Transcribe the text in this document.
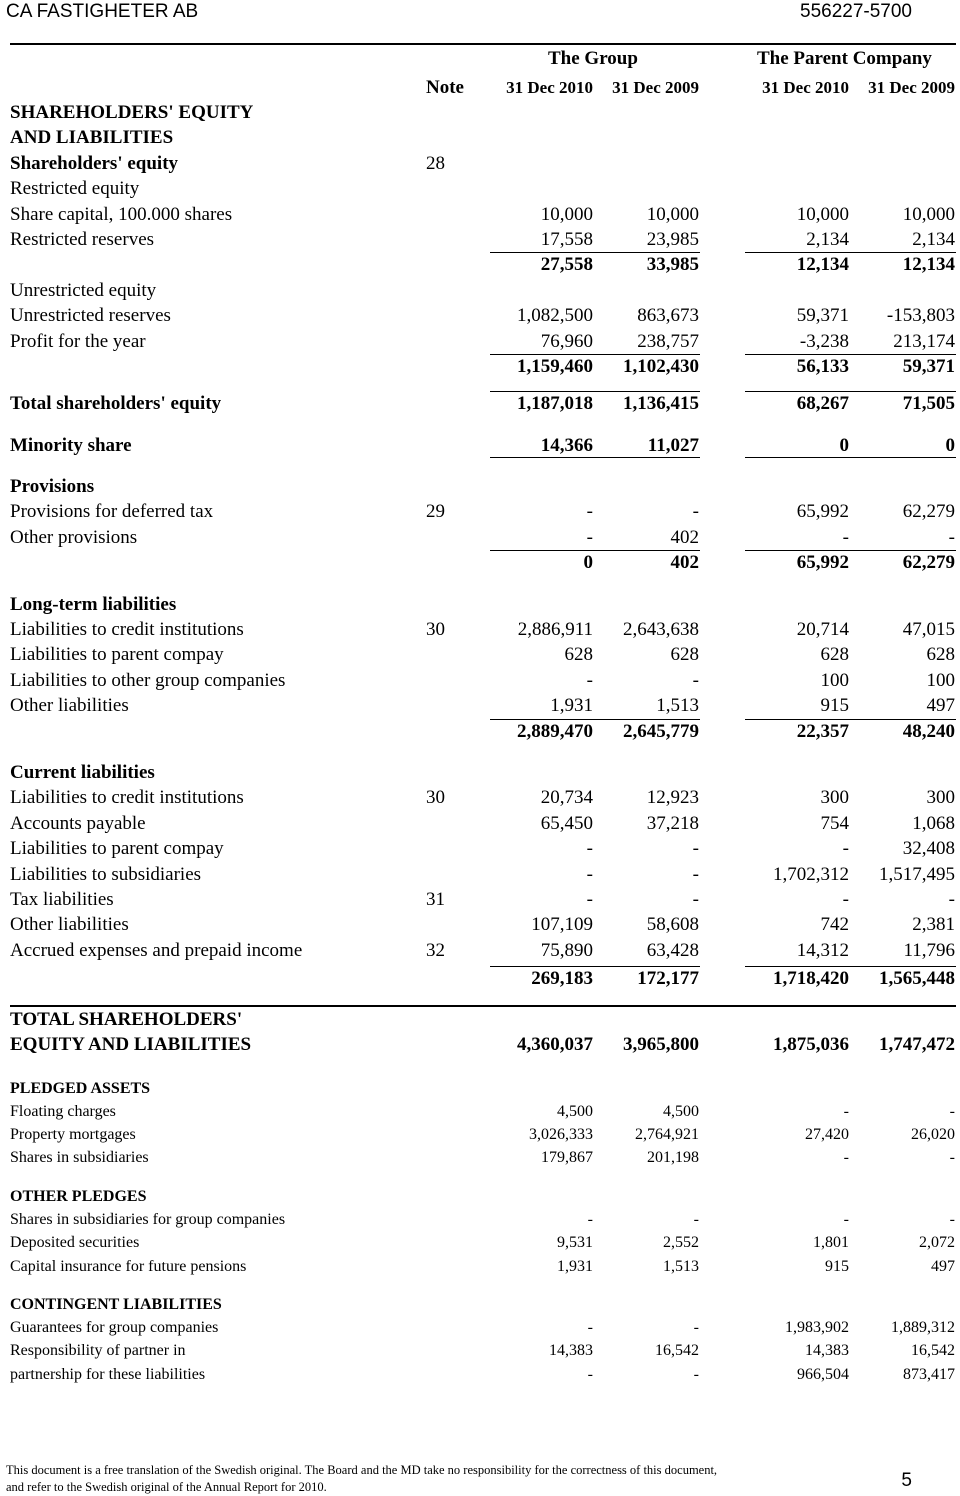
CA FASTIGHETER AB	556227-5700
The Group	The Parent Company
Note 31 Dec 2010 31 Dec 2009	31 Dec 2010 31 Dec 2009
SHAREHOLDERS' EQUITY
AND LIABILITIES
Shareholders' equity	28
Restricted equity
Share capital, 100.000 shares	10,000	10,000	10,000	10,000
Restricted reserves	17,558	23,985	2,134	2,134
27,558	33,985	12,134	12,134
Unrestricted equity
Unrestricted reserves	1,082,500 863,673	59,371 -153,803
Profit for the year	76,960 238,757	-3,238 213,174
1,159,460 1,102,430	56,133	59,371
Total shareholders' equity	1,187,018 1,136,415	68,267	71,505
Minority share	14,366	11,027	0	0
Provisions
Provisions for deferred tax	29	-	-	65,992	62,279
Other provisions	-	402	-	-
0	402	65,992	62,279
Long-term liabilities
Liabilities to credit institutions	30	2,886,911 2,643,638	20,714	47,015
Liabilities to parent compay	628	628	628	628
Liabilities to other group companies	-	-	100	100
Other liabilities	1,931	1,513	915	497
2,889,470 2,645,779	22,357	48,240
Current liabilities
Liabilities to credit institutions	30	20,734	12,923	300	300
Accounts payable	65,450	37,218	754	1,068
Liabilities to parent compay	-	-	-	32,408
Liabilities to subsidiaries	-	-	1,702,312 1,517,495
Tax liabilities	31	-	-	-	-
Other liabilities	107,109	58,608	742	2,381
Accrued expenses and prepaid income	32	75,890	63,428	14,312	11,796
269,183 172,177	1,718,420 1,565,448
TOTAL SHAREHOLDERS'
EQUITY AND LIABILITIES	4,360,037 3,965,800	1,875,036 1,747,472
PLEDGED ASSETS
Floating charges	4,500	4,500	-	-
Property mortgages	3,026,333	2,764,921	27,420	26,020
Shares in subsidiaries	179,867	201,198	-	-
OTHER PLEDGES
Shares in subsidiaries for group companies	-	-	-	-
Deposited securities	9,531	2,552	1,801	2,072
Capital insurance for future pensions	1,931	1,513	915	497
CONTINGENT LIABILITIES
Guarantees for group companies	-	-	1,983,902	1,889,312
Responsibility of partner in	14,383	16,542	14,383	16,542
partnership for these liabilities	-	-	966,504	873,417
This document is a free translation of the Swedish original. The Board and the MD take no responsibility for the correctness of this document,
and refer to the Swedish original of the Annual Report for 2010.	5
